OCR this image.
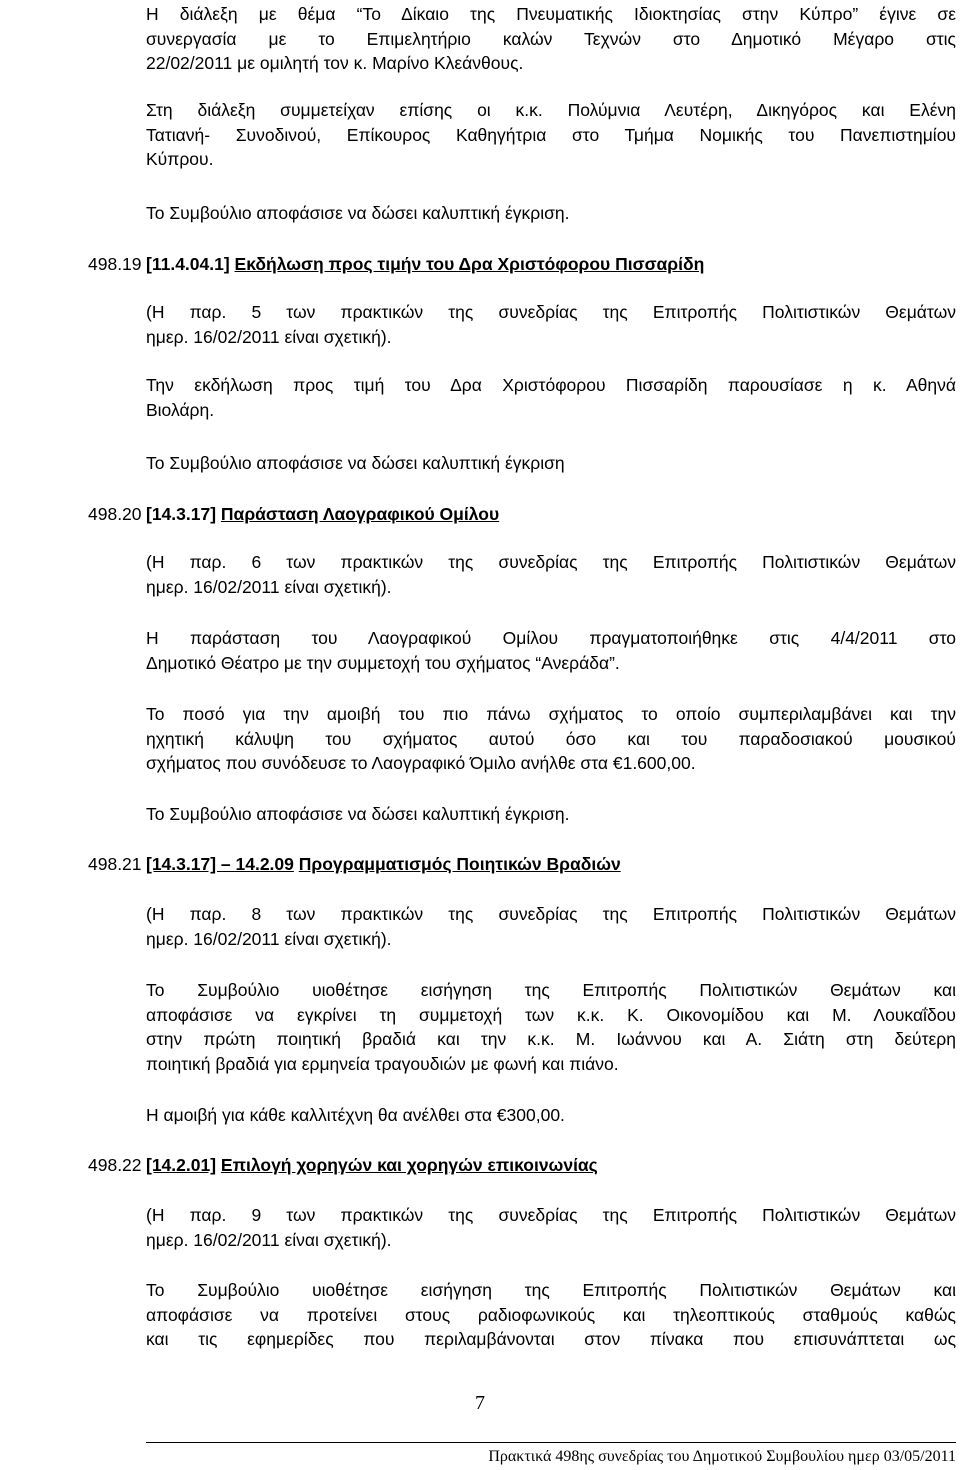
Η διάλεξη με θέμα “Το Δίκαιο της Πνευματικής Ιδιοκτησίας στην Κύπρο” έγινε σε
συνεργασία με το Επιμελητήριο καλών Τεχνών στο Δημοτικό Μέγαρο στις
22/02/2011 με ομιλητή τον κ. Μαρίνο Κλεάνθους.
Στη διάλεξη συμμετείχαν επίσης οι κ.κ. Πολύμνια Λευτέρη, Δικηγόρος και Ελένη
Τατιανή- Συνοδινού, Επίκουρος Καθηγήτρια στο Τμήμα Νομικής του Πανεπιστημίου
Κύπρου.
Το Συμβούλιο αποφάσισε να δώσει καλυπτική έγκριση.
498.19 [11.4.04.1] Εκδήλωση προς τιμήν του Δρα Χριστόφορου Πισσαρίδη
(Η παρ. 5 των πρακτικών της συνεδρίας της Επιτροπής Πολιτιστικών Θεμάτων
ημερ. 16/02/2011 είναι σχετική).
Την εκδήλωση προς τιμή του Δρα Χριστόφορου Πισσαρίδη παρουσίασε η κ. Αθηνά
Βιολάρη.
Το Συμβούλιο αποφάσισε να δώσει καλυπτική έγκριση
498.20 [14.3.17] Παράσταση Λαογραφικού Ομίλου
(Η παρ. 6 των πρακτικών της συνεδρίας της Επιτροπής Πολιτιστικών Θεμάτων
ημερ. 16/02/2011 είναι σχετική).
Η παράσταση του Λαογραφικού Ομίλου πραγματοποιήθηκε στις 4/4/2011 στο
Δημοτικό Θέατρο με την συμμετοχή του σχήματος “Ανεράδα”.
Το ποσό για την αμοιβή του πιο πάνω σχήματος το οποίο συμπεριλαμβάνει και την
ηχητική κάλυψη του σχήματος αυτού όσο και του παραδοσιακού μουσικού
σχήματος που συνόδευσε το Λαογραφικό Όμιλο ανήλθε στα €1.600,00.
Το Συμβούλιο αποφάσισε να δώσει καλυπτική έγκριση.
498.21 [14.3.17] – 14.2.09 Προγραμματισμός Ποιητικών Βραδιών
(Η παρ. 8 των πρακτικών της συνεδρίας της Επιτροπής Πολιτιστικών Θεμάτων
ημερ. 16/02/2011 είναι σχετική).
Το Συμβούλιο υιοθέτησε εισήγηση της Επιτροπής Πολιτιστικών Θεμάτων και
αποφάσισε να εγκρίνει τη συμμετοχή των κ.κ. Κ. Οικονομίδου και Μ. Λουκαΐδου
στην πρώτη ποιητική βραδιά και την κ.κ. Μ. Ιωάννου και Α. Σιάτη στη δεύτερη
ποιητική βραδιά για ερμηνεία τραγουδιών με φωνή και πιάνο.
Η αμοιβή για κάθε καλλιτέχνη θα ανέλθει στα €300,00.
498.22 [14.2.01] Επιλογή χορηγών και χορηγών επικοινωνίας
(Η παρ. 9 των πρακτικών της συνεδρίας της Επιτροπής Πολιτιστικών Θεμάτων
ημερ. 16/02/2011 είναι σχετική).
Το Συμβούλιο υιοθέτησε εισήγηση της Επιτροπής Πολιτιστικών Θεμάτων και
αποφάσισε να προτείνει στους ραδιοφωνικούς και τηλεοπτικούς σταθμούς καθώς
και τις εφημερίδες που περιλαμβάνονται στον πίνακα που επισυνάπτεται ως
7
Πρακτικά 498ης συνεδρίας του Δημοτικού Συμβουλίου ημερ 03/05/2011
